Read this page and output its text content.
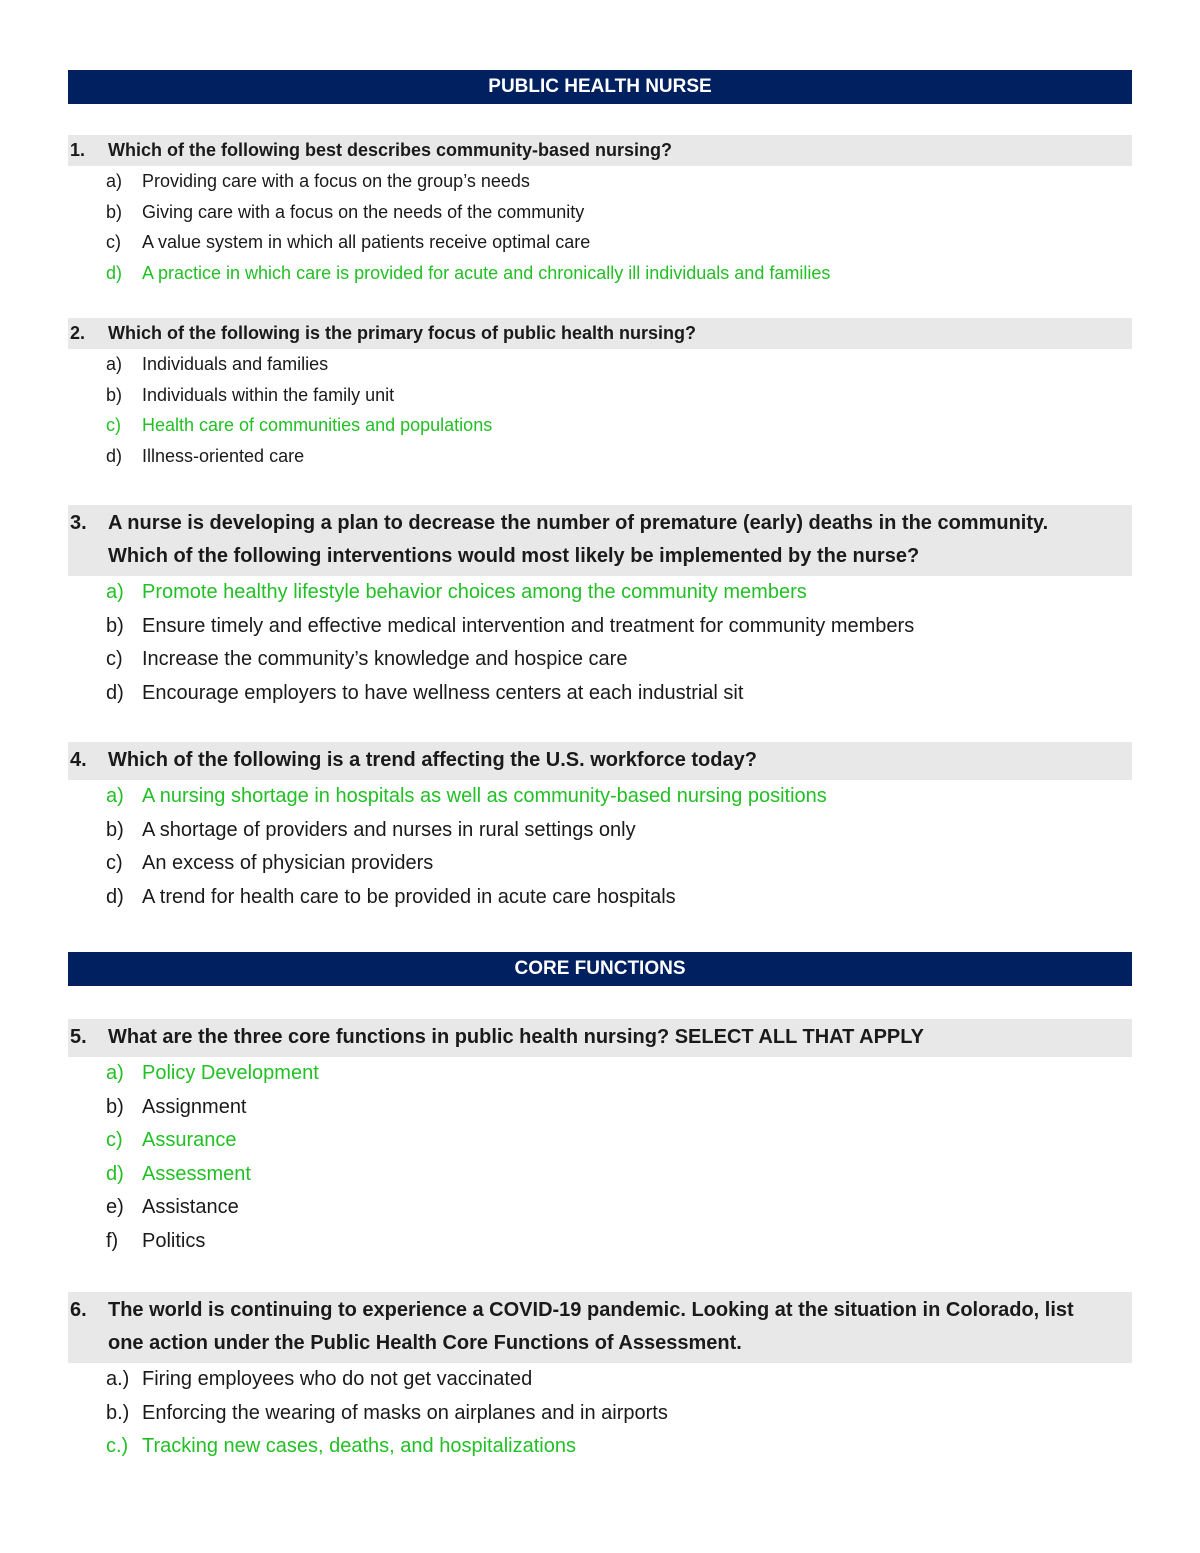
PUBLIC HEALTH NURSE
1.	Which of the following best describes community-based nursing?
a)	Providing care with a focus on the group’s needs
b)	Giving care with a focus on the needs of the community
c)	A value system in which all patients receive optimal care
d)	A practice in which care is provided for acute and chronically ill individuals and families
2.	Which of the following is the primary focus of public health nursing?
a)	Individuals and families
b)	Individuals within the family unit
c)	Health care of communities and populations
d)	Illness-oriented care
3.	A nurse is developing a plan to decrease the number of premature (early) deaths in the community. Which of the following interventions would most likely be implemented by the nurse?
a) Promote healthy lifestyle behavior choices among the community members
b) Ensure timely and effective medical intervention and treatment for community members
c) Increase the community’s knowledge and hospice care
d) Encourage employers to have wellness centers at each industrial sit
4.	Which of the following is a trend affecting the U.S. workforce today?
a) A nursing shortage in hospitals as well as community-based nursing positions
b) A shortage of providers and nurses in rural settings only
c) An excess of physician providers
d) A trend for health care to be provided in acute care hospitals
CORE FUNCTIONS
5.	What are the three core functions in public health nursing? SELECT ALL THAT APPLY
a) Policy Development
b) Assignment
c) Assurance
d) Assessment
e) Assistance
f)	Politics
6.	The world is continuing to experience a COVID-19 pandemic. Looking at the situation in Colorado, list one action under the Public Health Core Functions of Assessment.
a.) Firing employees who do not get vaccinated
b.) Enforcing the wearing of masks on airplanes and in airports
c.) Tracking new cases, deaths, and hospitalizations
